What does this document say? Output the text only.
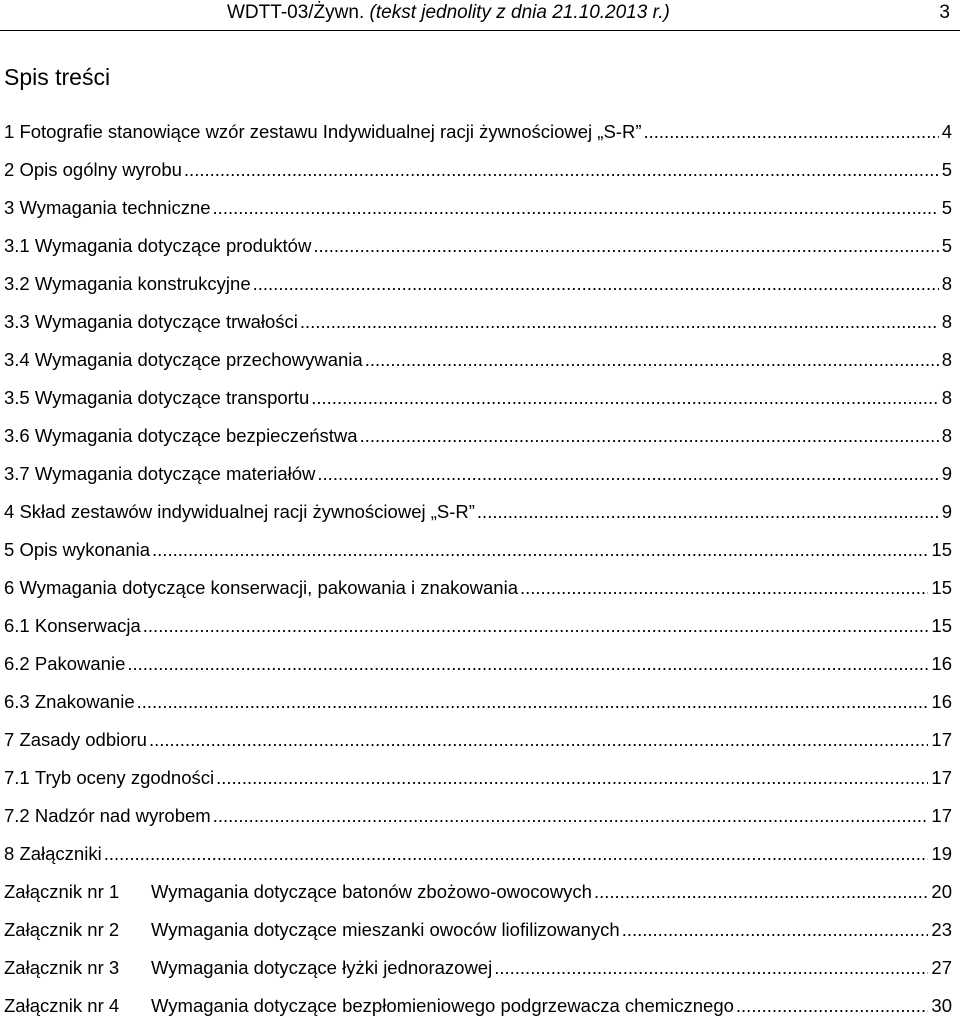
WDTT-03/Żywn. (tekst jednolity z dnia 21.10.2013 r.)	3
Spis treści
1 Fotografie stanowiące wzór zestawu Indywidualnej racji żywnościowej „S-R” .....	4
2 Opis ogólny wyrobu .....	5
3 Wymagania techniczne .....	5
3.1 Wymagania dotyczące produktów .....	5
3.2 Wymagania konstrukcyjne .....	8
3.3 Wymagania dotyczące trwałości .....	8
3.4 Wymagania dotyczące przechowywania .....	8
3.5 Wymagania dotyczące transportu .....	8
3.6 Wymagania dotyczące bezpieczeństwa .....	8
3.7 Wymagania dotyczące materiałów .....	9
4 Skład zestawów indywidualnej racji żywnościowej „S-R” .....	9
5 Opis wykonania .....	15
6 Wymagania dotyczące konserwacji, pakowania i znakowania .....	15
6.1 Konserwacja .....	15
6.2 Pakowanie .....	16
6.3 Znakowanie .....	16
7 Zasady odbioru .....	17
7.1 Tryb oceny zgodności .....	17
7.2 Nadzór nad wyrobem .....	17
8 Załączniki .....	19
Załącznik nr 1 Wymagania dotyczące batonów zbożowo-owocowych .....	20
Załącznik nr 2 Wymagania dotyczące mieszanki owoców liofilizowanych .....	23
Załącznik nr 3 Wymagania dotyczące łyżki jednorazowej .....	27
Załącznik nr 4 Wymagania dotyczące bezpłomieniowego podgrzewacza chemicznego .....	30
